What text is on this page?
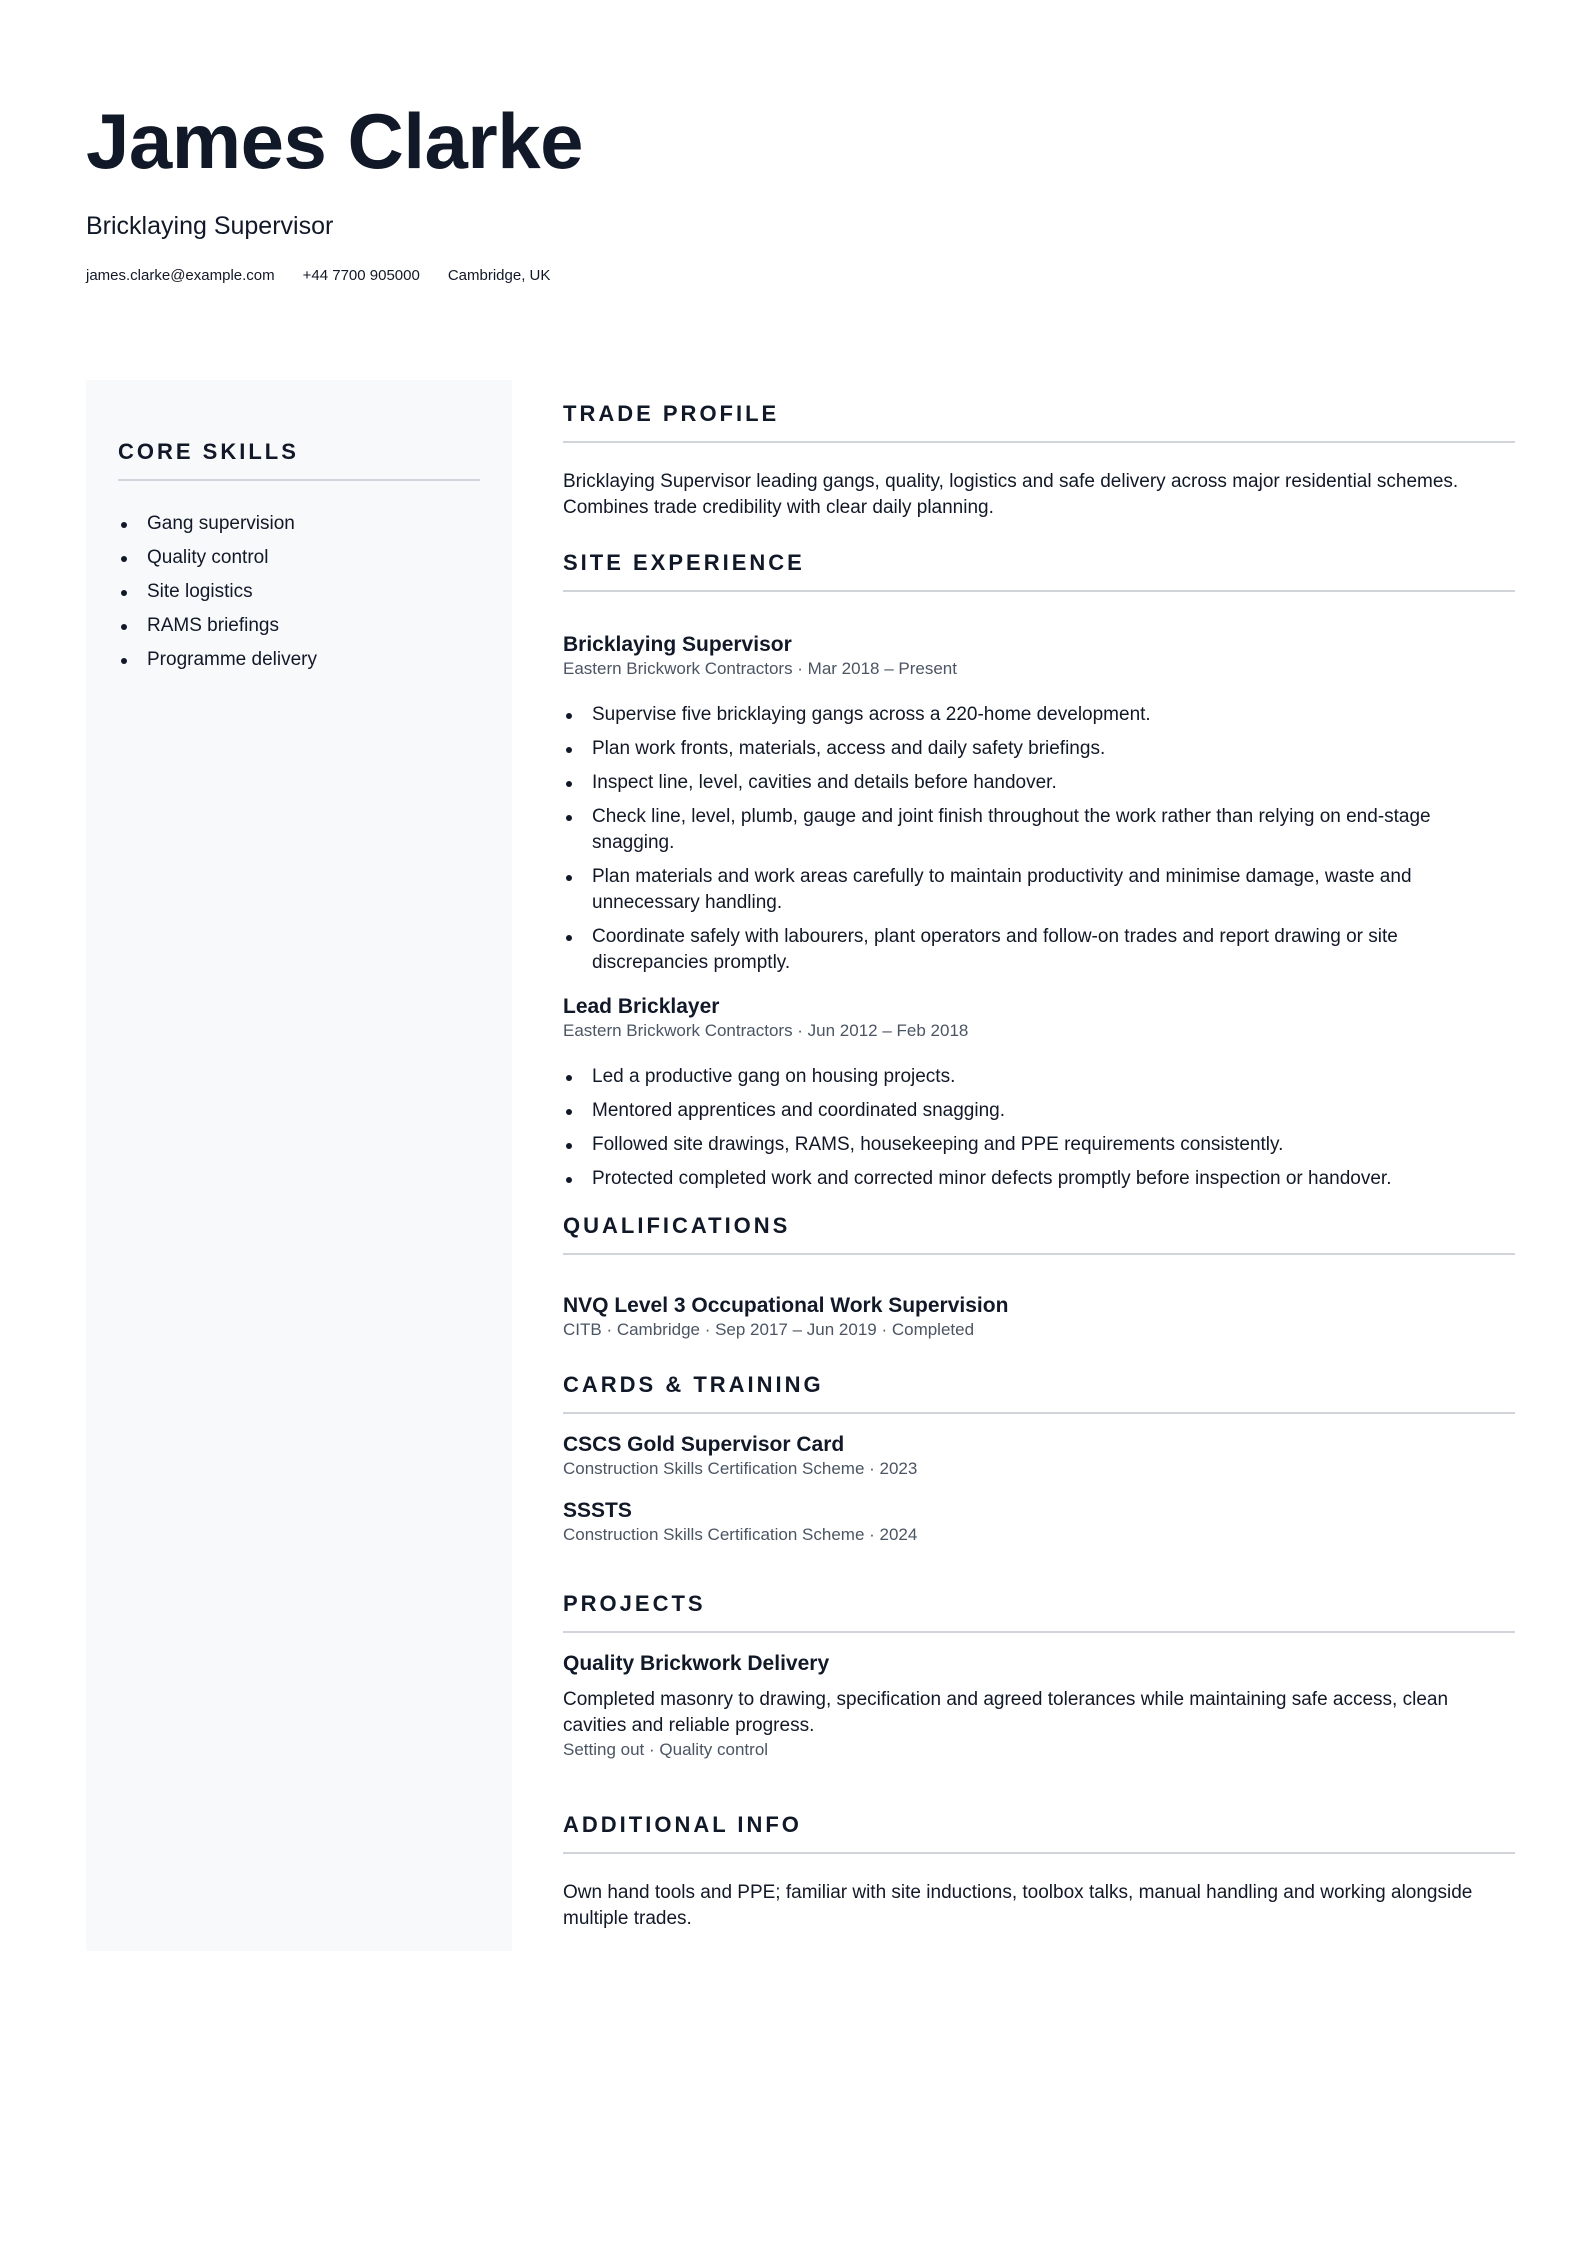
James Clarke
Bricklaying Supervisor
james.clarke@example.com +44 7700 905000 Cambridge, UK
CORE SKILLS
Gang supervision
Quality control
Site logistics
RAMS briefings
Programme delivery
TRADE PROFILE

Bricklaying Supervisor leading gangs, quality, logistics and safe delivery across major residential schemes. Combines trade credibility with clear daily planning.

SITE EXPERIENCE
Bricklaying Supervisor
Eastern Brickwork Contractors · Mar 2018 – Present
Supervise five bricklaying gangs across a 220-home development.
Plan work fronts, materials, access and daily safety briefings.
Inspect line, level, cavities and details before handover.
Check line, level, plumb, gauge and joint finish throughout the work rather than relying on end-stage snagging.
Plan materials and work areas carefully to maintain productivity and minimise damage, waste and unnecessary handling.
Coordinate safely with labourers, plant operators and follow-on trades and report drawing or site discrepancies promptly.
Lead Bricklayer
Eastern Brickwork Contractors · Jun 2012 – Feb 2018
Led a productive gang on housing projects.
Mentored apprentices and coordinated snagging.
Followed site drawings, RAMS, housekeeping and PPE requirements consistently.
Protected completed work and corrected minor defects promptly before inspection or handover.
QUALIFICATIONS
NVQ Level 3 Occupational Work Supervision
CITB · Cambridge · Sep 2017 – Jun 2019 · Completed
CARDS & TRAINING
CSCS Gold Supervisor Card
Construction Skills Certification Scheme · 2023
SSSTS
Construction Skills Certification Scheme · 2024
PROJECTS
Quality Brickwork Delivery

Completed masonry to drawing, specification and agreed tolerances while maintaining safe access, clean cavities and reliable progress.

Setting out · Quality control
ADDITIONAL INFO

Own hand tools and PPE; familiar with site inductions, toolbox talks, manual handling and working alongside multiple trades.
